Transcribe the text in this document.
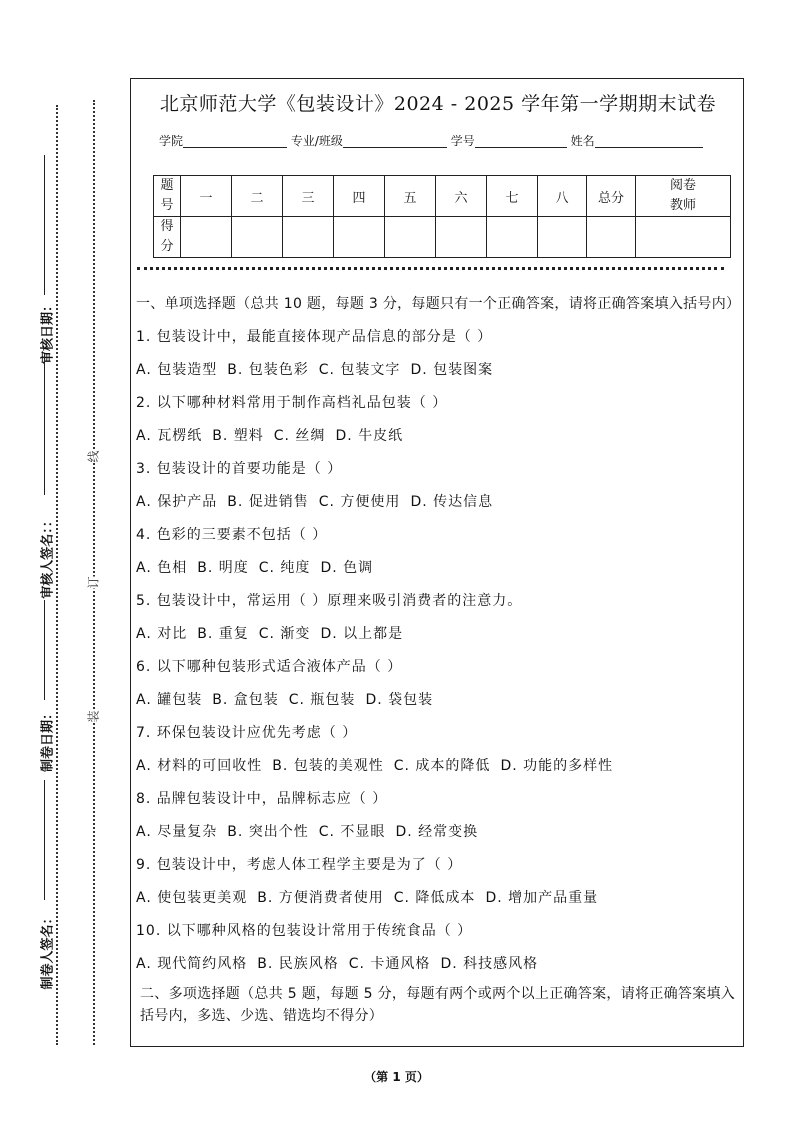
审核日期：
审核人签名：：
制卷日期：
制卷人签名：
线
订
装
北京师范大学《包装设计》2024 - 2025 学年第一学期期末试卷
学院	专业/班级	学号	姓名
题号	一	二	三	四	五	六	七	八	总分	阅卷教师

得分										

一、单项选择题（总共 10 题，每题 3 分，每题只有一个正确答案，请将正确答案填入括号内）
1. 包装设计中，最能直接体现产品信息的部分是（ ）
A. 包装造型 B. 包装色彩 C. 包装文字 D. 包装图案
2. 以下哪种材料常用于制作高档礼品包装（ ）
A. 瓦楞纸 B. 塑料 C. 丝绸 D. 牛皮纸
3. 包装设计的首要功能是（ ）
A. 保护产品 B. 促进销售 C. 方便使用 D. 传达信息
4. 色彩的三要素不包括（ ）
A. 色相 B. 明度 C. 纯度 D. 色调
5. 包装设计中，常运用（ ）原理来吸引消费者的注意力。
A. 对比 B. 重复 C. 渐变 D. 以上都是
6. 以下哪种包装形式适合液体产品（ ）
A. 罐包装 B. 盒包装 C. 瓶包装 D. 袋包装
7. 环保包装设计应优先考虑（ ）
A. 材料的可回收性 B. 包装的美观性 C. 成本的降低 D. 功能的多样性
8. 品牌包装设计中，品牌标志应（ ）
A. 尽量复杂 B. 突出个性 C. 不显眼 D. 经常变换
9. 包装设计中，考虑人体工程学主要是为了（ ）
A. 使包装更美观 B. 方便消费者使用 C. 降低成本 D. 增加产品重量
10. 以下哪种风格的包装设计常用于传统食品（ ）
A. 现代简约风格 B. 民族风格 C. 卡通风格 D. 科技感风格
二、多项选择题（总共 5 题，每题 5 分，每题有两个或两个以上正确答案，请将正确答案填入括号内，多选、少选、错选均不得分）
（第 1 页）
